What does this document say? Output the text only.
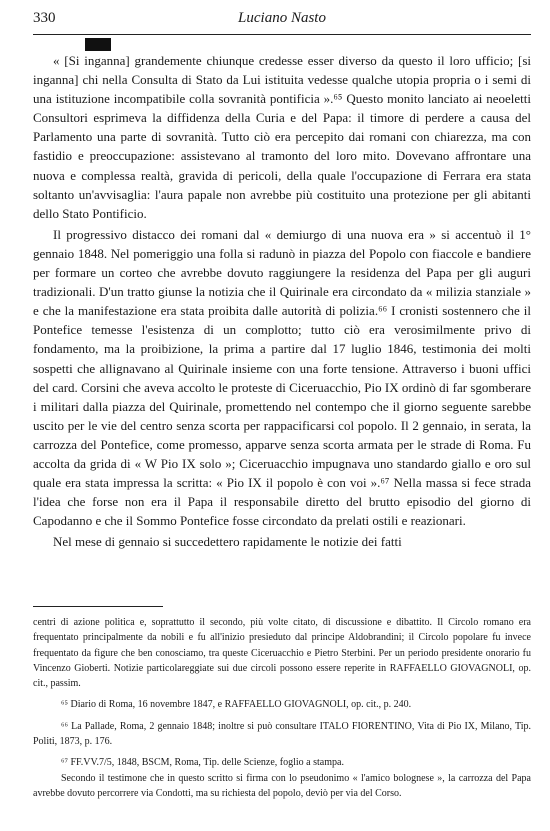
330	Luciano Nasto

« [Si inganna] grandemente chiunque credesse esser diverso da questo il loro ufficio; [si inganna] chi nella Consulta di Stato da Lui istituita vedesse qualche utopia propria o i semi di una istituzione incompatibile colla sovranità pontificia ».⁶⁵ Questo monito lanciato ai neoeletti Consultori esprimeva la diffidenza della Curia e del Papa: il timore di perdere a causa del Parlamento una parte di sovranità. Tutto ciò era percepito dai romani con chiarezza, ma con fastidio e preoccupazione: assistevano al tramonto del loro mito. Dovevano affrontare una nuova e complessa realtà, gravida di pericoli, della quale l'occupazione di Ferrara era stata soltanto un'avvisaglia: l'aura papale non avrebbe più costituito una protezione per gli abitanti dello Stato Pontificio.

Il progressivo distacco dei romani dal « demiurgo di una nuova era » si accentuò il 1° gennaio 1848. Nel pomeriggio una folla si radunò in piazza del Popolo con fiaccole e bandiere per formare un corteo che avrebbe dovuto raggiungere la residenza del Papa per gli auguri tradizionali. D'un tratto giunse la notizia che il Quirinale era circondato da « milizia stanziale » e che la manifestazione era stata proibita dalle autorità di polizia.⁶⁶ I cronisti sostennero che il Pontefice temesse l'esistenza di un complotto; tutto ciò era verosimilmente privo di fondamento, ma la proibizione, la prima a partire dal 17 luglio 1846, testimonia dei molti sospetti che allignavano al Quirinale insieme con una forte tensione. Attraverso i buoni uffici del card. Corsini che aveva accolto le proteste di Ciceruacchio, Pio IX ordinò di far sgomberare i militari dalla piazza del Quirinale, promettendo nel contempo che il giorno seguente sarebbe uscito per le vie del centro senza scorta per rappacificarsi col popolo. Il 2 gennaio, in serata, la carrozza del Pontefice, come promesso, apparve senza scorta armata per le strade di Roma. Fu accolta da grida di « W Pio IX solo »; Ciceruacchio impugnava uno standardo giallo e oro sul quale era stata impressa la scritta: « Pio IX il popolo è con voi ».⁶⁷ Nella massa si fece strada l'idea che forse non era il Papa il responsabile diretto del brutto episodio del giorno di Capodanno e che il Sommo Pontefice fosse circondato da prelati ostili e reazionari.

Nel mese di gennaio si succedettero rapidamente le notizie dei fatti

centri di azione politica e, soprattutto il secondo, più volte citato, di discussione e dibattito. Il Circolo romano era frequentato principalmente da nobili e fu all'inizio presieduto dal principe Aldobrandini; il Circolo popolare fu invece frequentato da figure che ben conosciamo, tra queste Ciceruacchio e Pietro Sterbini. Per un periodo presidente onorario fu Vincenzo Gioberti. Notizie particolareggiate sui due circoli possono essere reperite in RAFFAELLO GIOVAGNOLI, op. cit., passim.

⁶⁵ Diario di Roma, 16 novembre 1847, e RAFFAELLO GIOVAGNOLI, op. cit., p. 240.

⁶⁶ La Pallade, Roma, 2 gennaio 1848; inoltre si può consultare ITALO FIORENTINO, Vita di Pio IX, Milano, Tip. Politi, 1873, p. 176.

⁶⁷ FF.VV.7/5, 1848, BSCM, Roma, Tip. delle Scienze, foglio a stampa.

Secondo il testimone che in questo scritto si firma con lo pseudonimo « l'amico bolognese », la carrozza del Papa avrebbe dovuto percorrere via Condotti, ma su richiesta del popolo, deviò per via del Corso.
